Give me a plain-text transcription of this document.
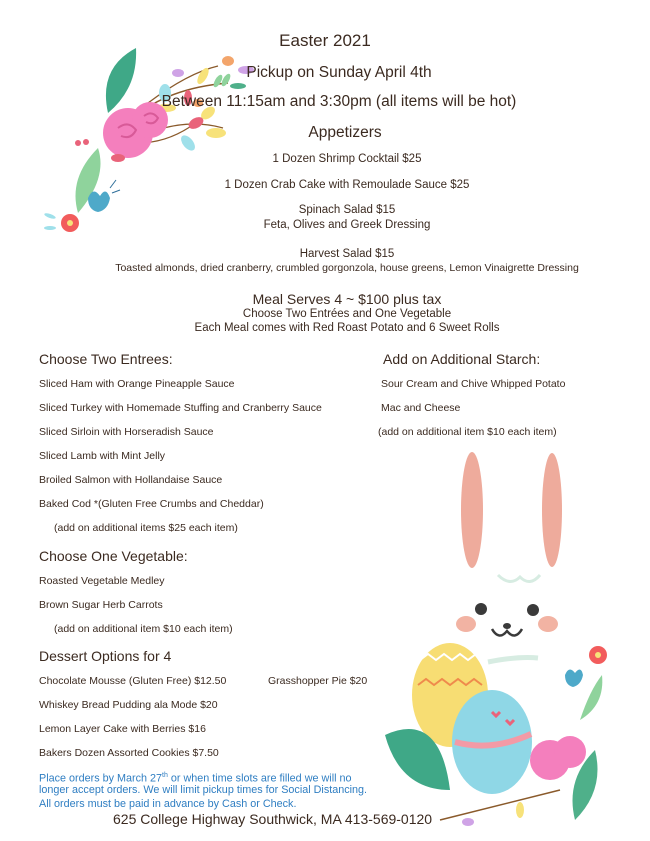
Easter 2021
Pickup on Sunday April 4th
Between 11:15am and 3:30pm (all items will be hot)
Appetizers
1 Dozen Shrimp Cocktail $25
1 Dozen Crab Cake with Remoulade Sauce $25
Spinach Salad $15
Feta, Olives and Greek Dressing
Harvest Salad $15
Toasted almonds, dried cranberry, crumbled gorgonzola, house greens, Lemon Vinaigrette Dressing
Meal Serves 4 ~ $100 plus tax
Choose Two Entrées and One Vegetable
Each Meal comes with Red Roast Potato and 6 Sweet Rolls
Choose Two Entrees:
Sliced Ham with Orange Pineapple Sauce
Sliced Turkey with Homemade Stuffing and Cranberry Sauce
Sliced Sirloin with Horseradish Sauce
Sliced Lamb with Mint Jelly
Broiled Salmon with Hollandaise Sauce
Baked Cod *(Gluten Free Crumbs and Cheddar)
(add on additional items $25 each item)
Add on Additional Starch:
Sour Cream and Chive Whipped Potato
Mac and Cheese
(add on additional item $10 each item)
Choose One Vegetable:
Roasted Vegetable Medley
Brown Sugar Herb Carrots
(add on additional item $10 each item)
Dessert Options for 4
Chocolate Mousse (Gluten Free) $12.50	Grasshopper Pie $20
Whiskey Bread Pudding ala Mode $20
Lemon Layer Cake with Berries $16
Bakers Dozen Assorted Cookies $7.50
Place orders by March 27th or when time slots are filled we will no
longer accept orders. We will limit pickup times for Social Distancing.
All orders must be paid in advance by Cash or Check.
625 College Highway Southwick, MA 413-569-0120
